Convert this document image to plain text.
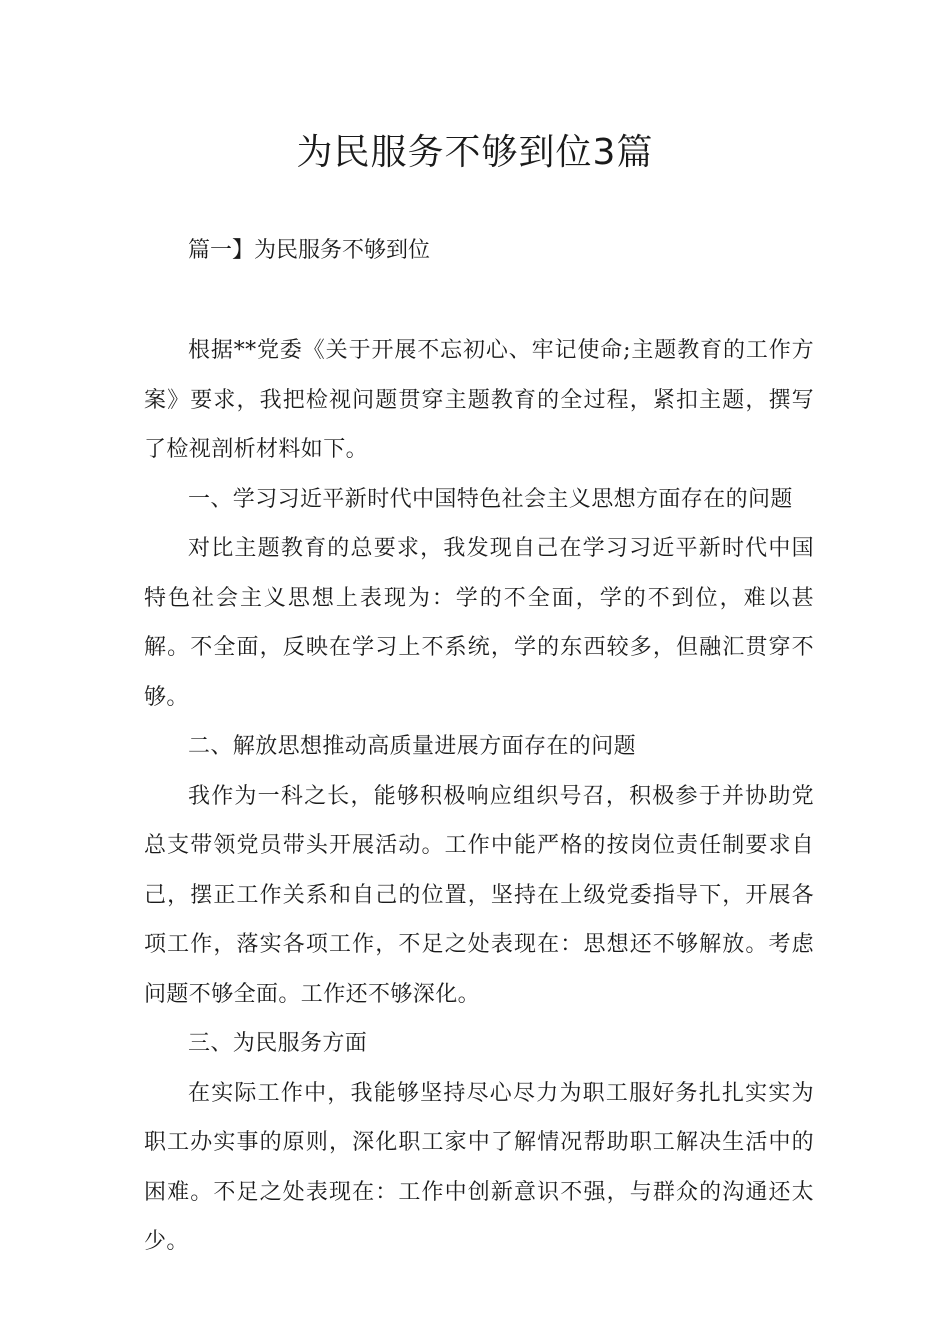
为民服务不够到位3篇
篇一】为民服务不够到位

根据**党委《关于开展不忘初心、牢记使命;主题教育的工作方案》要求，我把检视问题贯穿主题教育的全过程，紧扣主题，撰写了检视剖析材料如下。

一、学习习近平新时代中国特色社会主义思想方面存在的问题

对比主题教育的总要求，我发现自己在学习习近平新时代中国特色社会主义思想上表现为：学的不全面，学的不到位，难以甚解。不全面，反映在学习上不系统，学的东西较多，但融汇贯穿不够。

二、解放思想推动高质量进展方面存在的问题

我作为一科之长，能够积极响应组织号召，积极参于并协助党总支带领党员带头开展活动。工作中能严格的按岗位责任制要求自己，摆正工作关系和自己的位置，坚持在上级党委指导下，开展各项工作，落实各项工作，不足之处表现在：思想还不够解放。考虑问题不够全面。工作还不够深化。

三、为民服务方面

在实际工作中，我能够坚持尽心尽力为职工服好务扎扎实实为职工办实事的原则，深化职工家中了解情况帮助职工解决生活中的困难。不足之处表现在：工作中创新意识不强，与群众的沟通还太少。
